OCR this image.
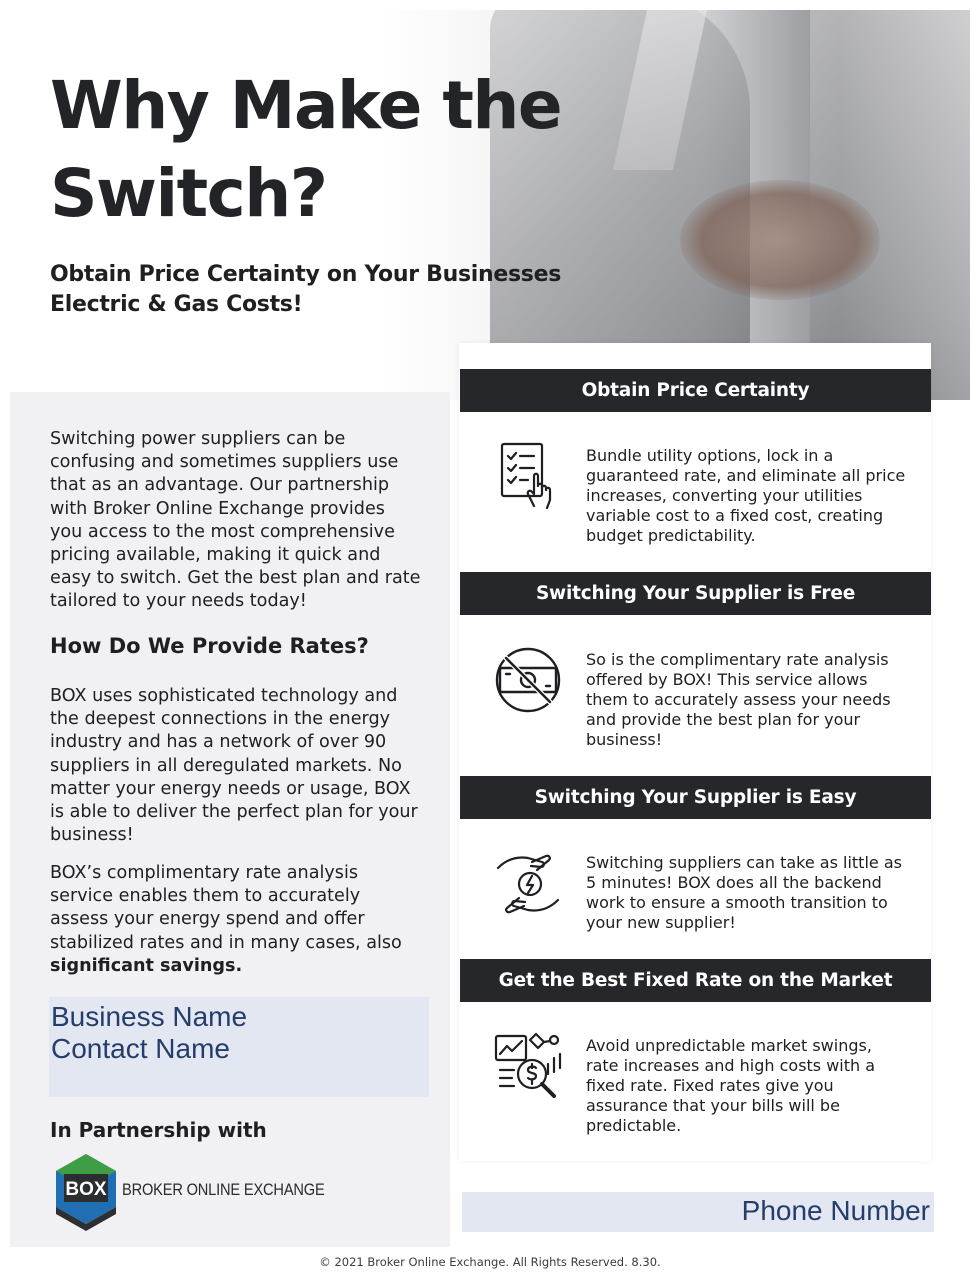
Why Make the
Switch?
Obtain Price Certainty on Your Businesses
Electric & Gas Costs!

Switching power suppliers can be confusing and sometimes suppliers use that as an advantage. Our partnership with Broker Online Exchange provides you access to the most comprehensive pricing available, making it quick and easy to switch. Get the best plan and rate tailored to your needs today!

How Do We Provide Rates?

BOX uses sophisticated technology and the deepest connections in the energy industry and has a network of over 90 suppliers in all deregulated markets. No matter your energy needs or usage, BOX is able to deliver the perfect plan for your business!

BOX’s complimentary rate analysis service enables them to accurately assess your energy spend and offer stabilized rates and in many cases, also significant savings.

Business Name
Contact Name
In Partnership with
BOX BROKER ONLINE EXCHANGE
Obtain Price Certainty
Switching Your Supplier is Free
Switching Your Supplier is Easy
Get the Best Fixed Rate on the Market

Bundle utility options, lock in a guaranteed rate, and eliminate all price increases, converting your utilities variable cost to a fixed cost, creating budget predictability.

So is the complimentary rate analysis offered by BOX! This service allows them to accurately assess your needs and provide the best plan for your business!

Switching suppliers can take as little as 5 minutes! BOX does all the backend work to ensure a smooth transition to your new supplier!

Avoid unpredictable market swings, rate increases and high costs with a fixed rate. Fixed rates give you assurance that your bills will be predictable.

Phone Number
© 2021 Broker Online Exchange. All Rights Reserved. 8.30.
